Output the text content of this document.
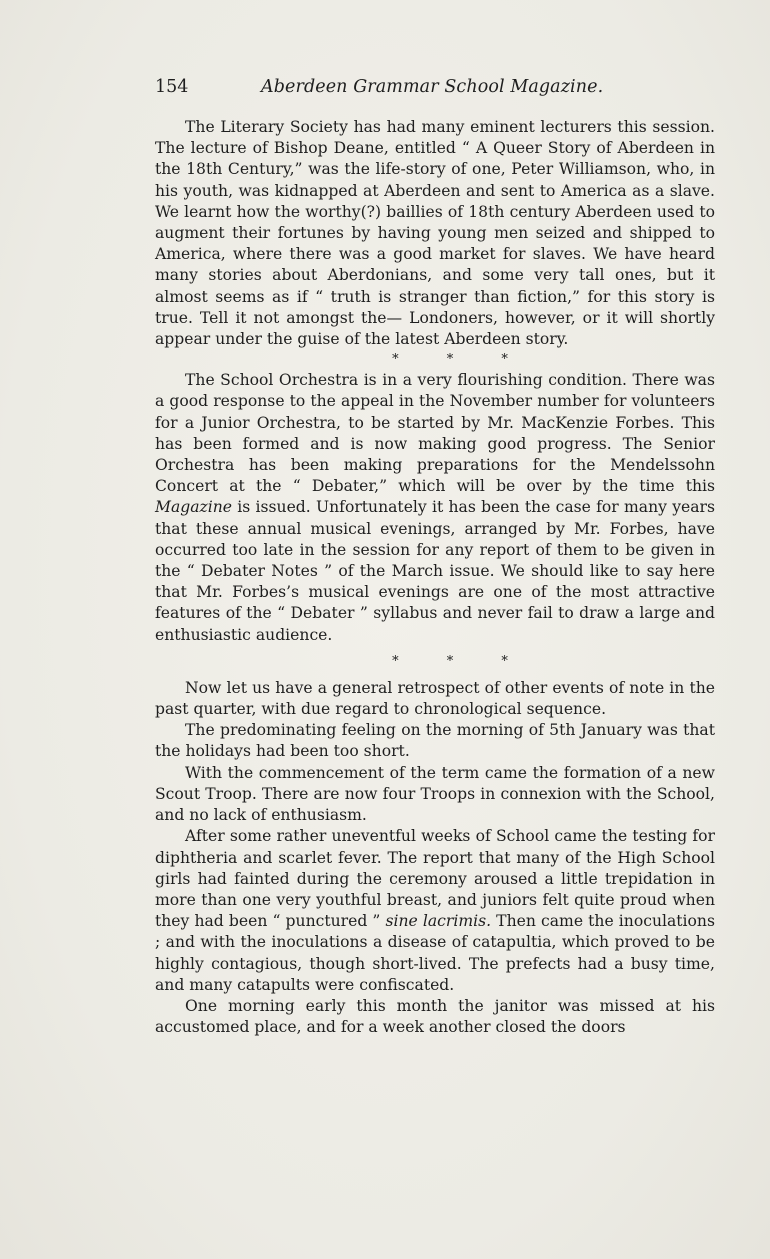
154	Aberdeen Grammar School Magazine.

The Literary Society has had many eminent lecturers this session. The lecture of Bishop Deane, entitled “ A Queer Story of Aberdeen in the 18th Century,” was the life-story of one, Peter Williamson, who, in his youth, was kidnapped at Aberdeen and sent to America as a slave. We learnt how the worthy(?) baillies of 18th century Aberdeen used to augment their fortunes by having young men seized and shipped to America, where there was a good market for slaves. We have heard many stories about Aberdonians, and some very tall ones, but it almost seems as if “ truth is stranger than fiction,” for this story is true. Tell it not amongst the— Londoners, however, or it will shortly appear under the guise of the latest Aberdeen story.

* * *

The School Orchestra is in a very flourishing condition. There was a good response to the appeal in the November number for volunteers for a Junior Orchestra, to be started by Mr. MacKenzie Forbes. This has been formed and is now making good progress. The Senior Orchestra has been making preparations for the Mendelssohn Concert at the “ Debater,” which will be over by the time this Magazine is issued. Unfortunately it has been the case for many years that these annual musical evenings, arranged by Mr. Forbes, have occurred too late in the session for any report of them to be given in the “ Debater Notes ” of the March issue. We should like to say here that Mr. Forbes’s musical evenings are one of the most attractive features of the “ Debater ” syllabus and never fail to draw a large and enthusiastic audience.

* * *

Now let us have a general retrospect of other events of note in the past quarter, with due regard to chronological sequence.

The predominating feeling on the morning of 5th January was that the holidays had been too short.

With the commencement of the term came the formation of a new Scout Troop. There are now four Troops in connexion with the School, and no lack of enthusiasm.

After some rather uneventful weeks of School came the testing for diphtheria and scarlet fever. The report that many of the High School girls had fainted during the ceremony aroused a little trepidation in more than one very youthful breast, and juniors felt quite proud when they had been “ punctured ” sine lacrimis. Then came the inoculations ; and with the inoculations a disease of catapultia, which proved to be highly contagious, though short-lived. The prefects had a busy time, and many catapults were confiscated.

One morning early this month the janitor was missed at his accustomed place, and for a week another closed the doors
